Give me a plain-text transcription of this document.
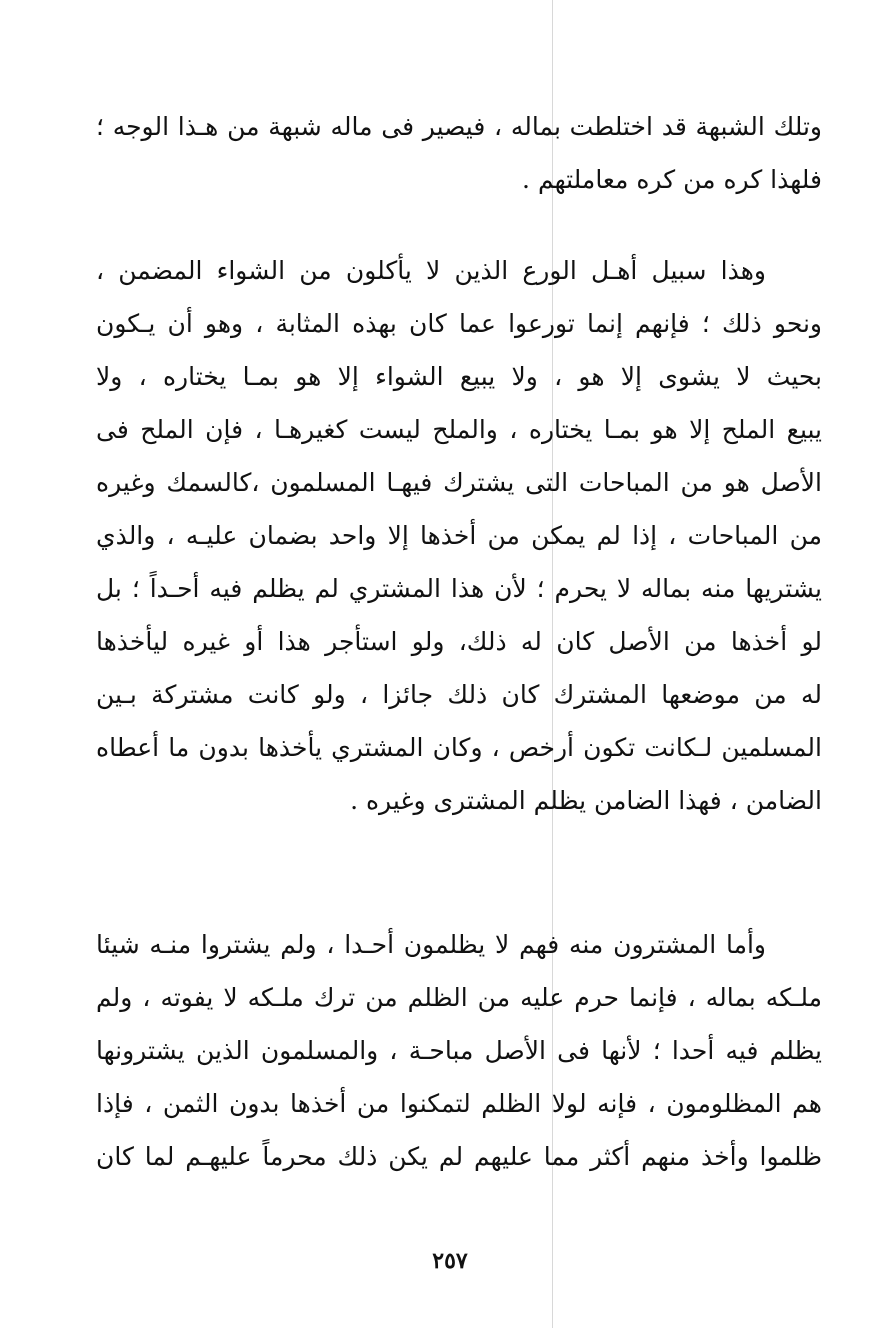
وتلك الشبهة قد اختلطت بماله ، فيصير فى ماله شبهة من هـذا الوجه ؛
فلهذا كره من كره معاملتهم .
وهذا سبيل أهـل الورع الذين لا يأكلون من الشواء المضمن ،
ونحو ذلك ؛ فإنهم إنما تورعوا عما كان بهذه المثابة ، وهو أن يـكون
بحيث لا يشوى إلا هو ، ولا يبيع الشواء إلا هو بمـا يختاره ، ولا
يبيع الملح إلا هو بمـا يختاره ، والملح ليست كغيرهـا ، فإن الملح فى
الأصل هو من المباحات التى يشترك فيهـا المسلمون ،كالسمك وغيره
من المباحات ، إذا لم يمكن من أخذها إلا واحد بضمان عليـه ، والذي
يشتريها منه بماله لا يحرم ؛ لأن هذا المشتري لم يظلم فيه أحـداً ؛ بل
لو أخذها من الأصل كان له ذلك، ولو استأجر هذا أو غيره ليأخذها
له من موضعها المشترك كان ذلك جائزا ، ولو كانت مشتركة بـين
المسلمين لـكانت تكون أرخص ، وكان المشتري يأخذها بدون ما أعطاه
الضامن ، فهذا الضامن يظلم المشترى وغيره .
وأما المشترون منه فهم لا يظلمون أحـدا ، ولم يشتروا منـه شيئا
ملـكه بماله ، فإنما حرم عليه من الظلم من ترك ملـكه لا يفوته ، ولم
يظلم فيه أحدا ؛ لأنها فى الأصل مباحـة ، والمسلمون الذين يشترونها
هم المظلومون ، فإنه لولا الظلم لتمكنوا من أخذها بدون الثمن ، فإذا
ظلموا وأخذ منهم أكثر مما عليهم لم يكن ذلك محرماً عليهـم لما كان
٢٥٧
